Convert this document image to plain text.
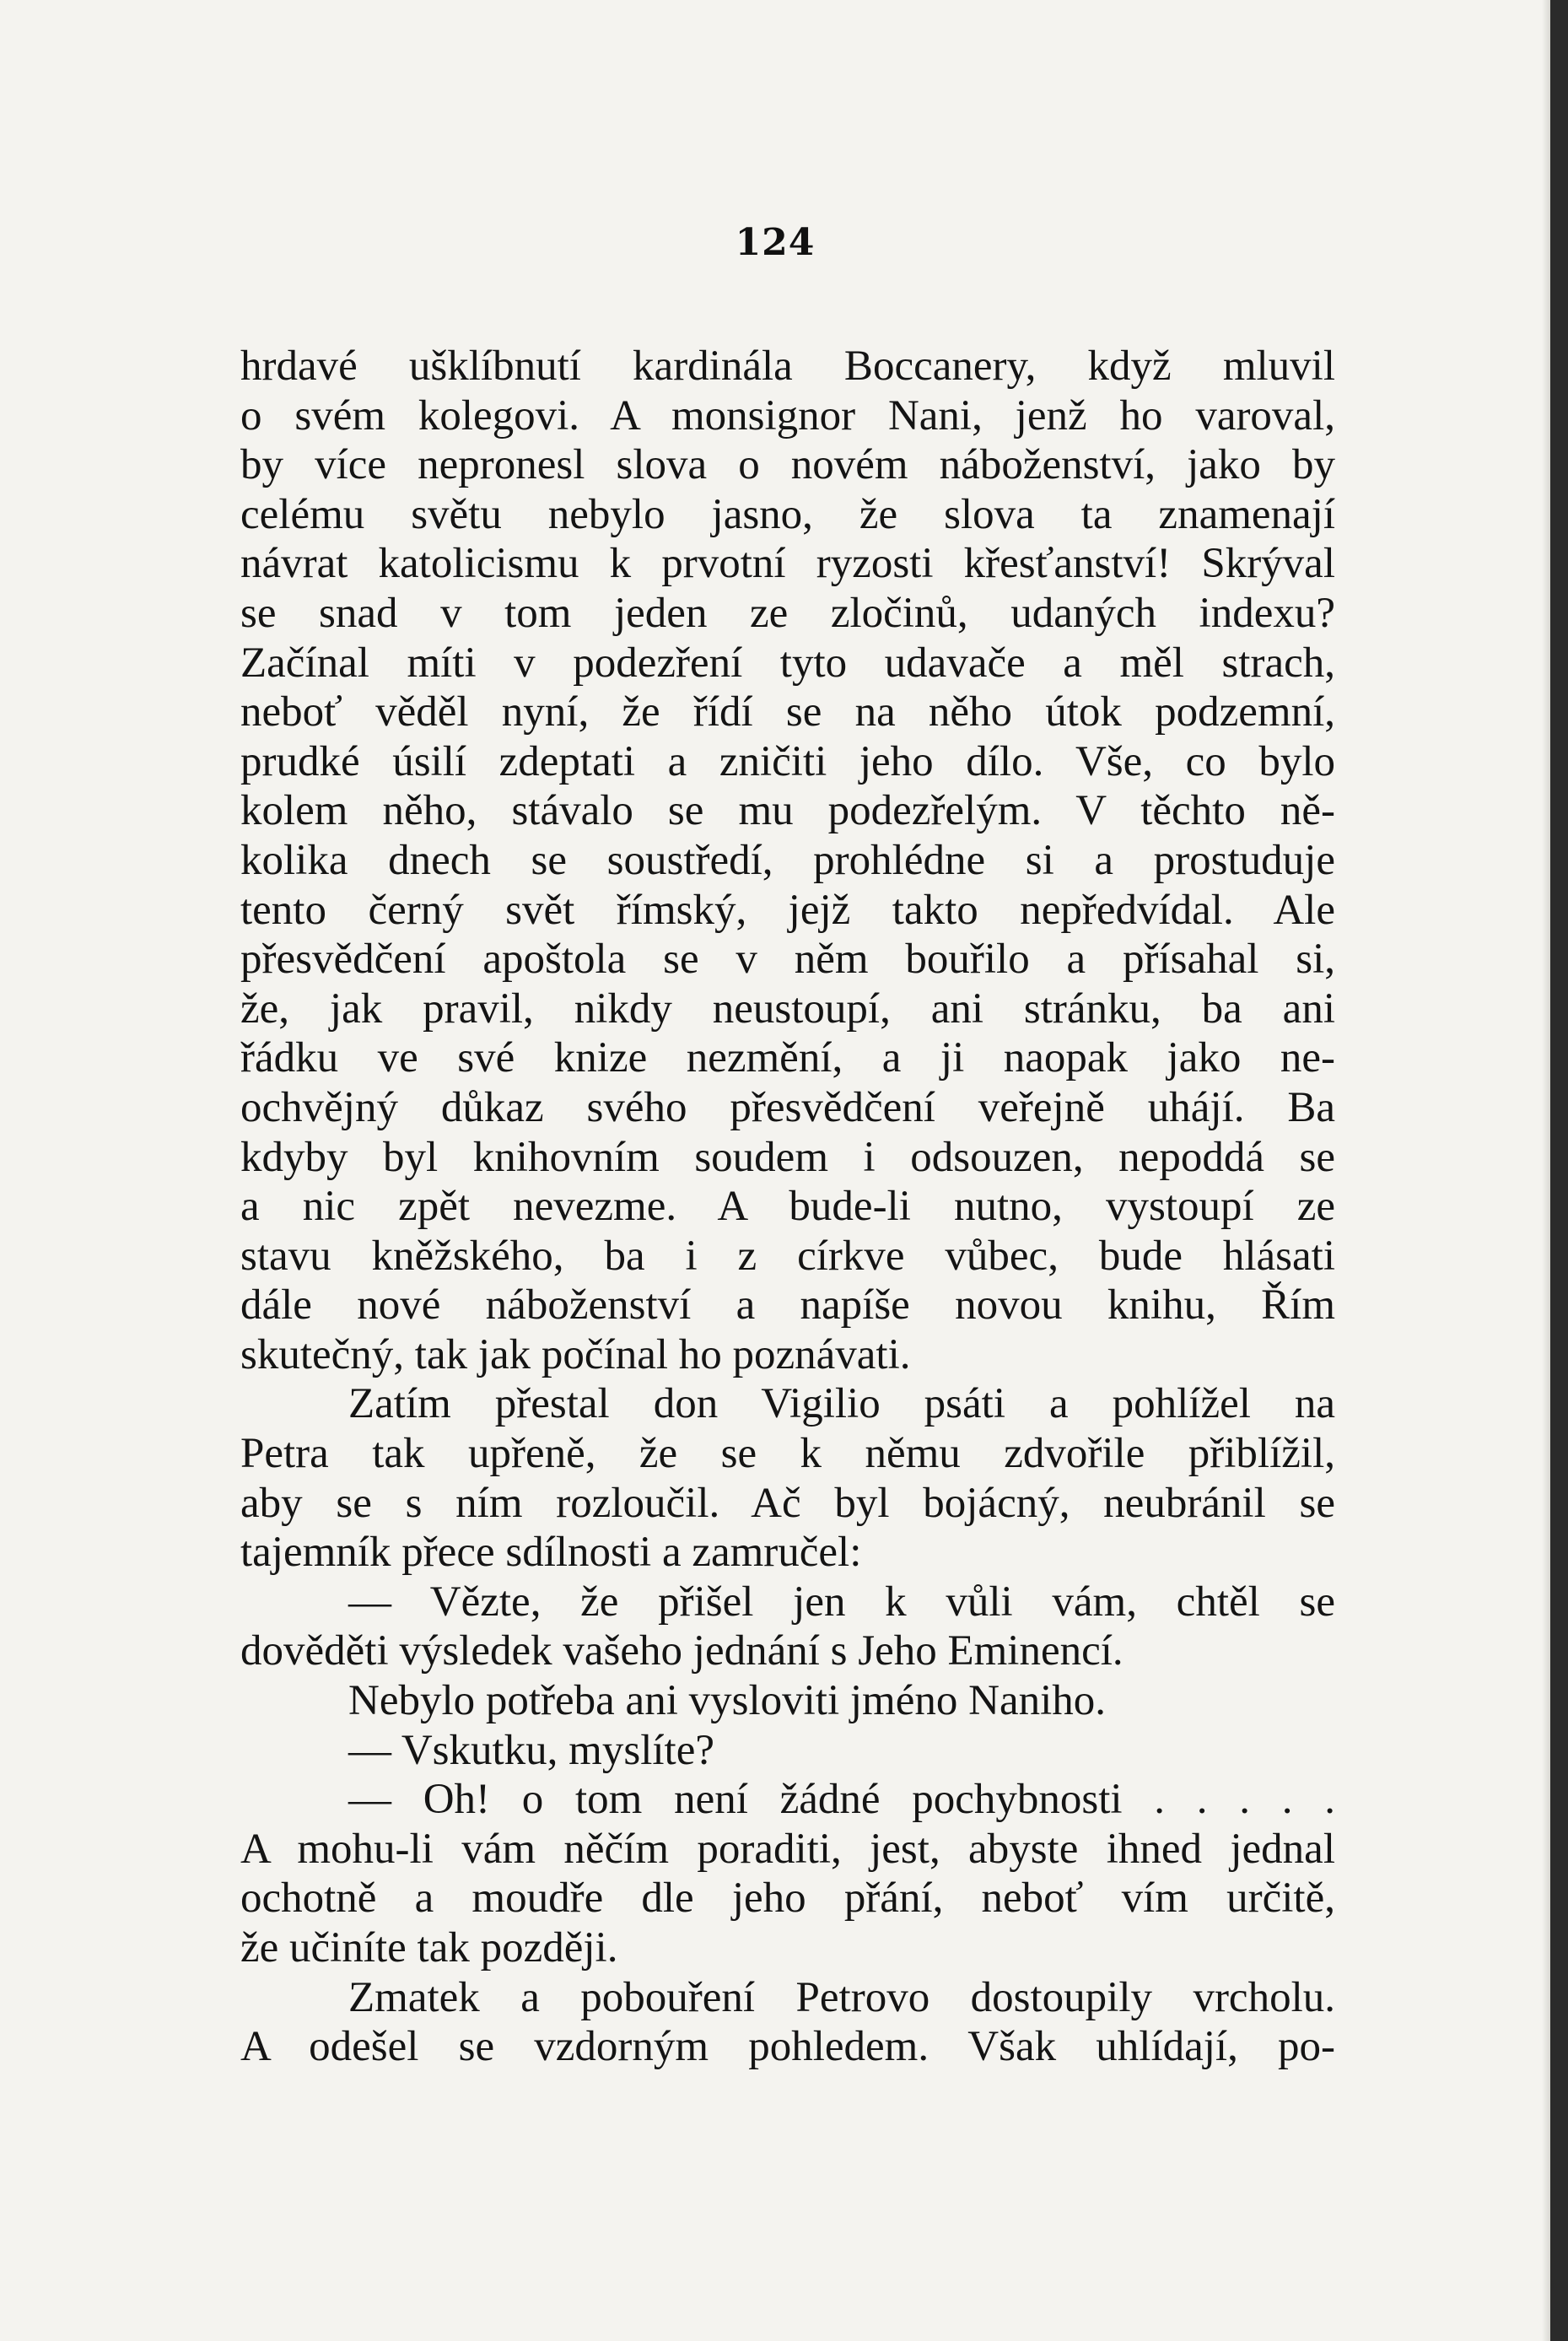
124
hrdavé ušklíbnutí kardinála Boccanery, když mluvil
o svém kolegovi. A monsignor Nani, jenž ho varoval,
by více nepronesl slova o novém náboženství, jako by
celému světu nebylo jasno, že slova ta znamenají
návrat katolicismu k prvotní ryzosti křesťanství! Skrýval
se snad v tom jeden ze zločinů, udaných indexu?
Začínal míti v podezření tyto udavače a měl strach,
neboť věděl nyní, že řídí se na něho útok podzemní,
prudké úsilí zdeptati a zničiti jeho dílo. Vše, co bylo
kolem něho, stávalo se mu podezřelým. V těchto ně-
kolika dnech se soustředí, prohlédne si a prostuduje
tento černý svět římský, jejž takto nepředvídal. Ale
přesvědčení apoštola se v něm bouřilo a přísahal si,
že, jak pravil, nikdy neustoupí, ani stránku, ba ani
řádku ve své knize nezmění, a ji naopak jako ne-
ochvějný důkaz svého přesvědčení veřejně uhájí. Ba
kdyby byl knihovním soudem i odsouzen, nepoddá se
a nic zpět nevezme. A bude-li nutno, vystoupí ze
stavu kněžského, ba i z církve vůbec, bude hlásati
dále nové náboženství a napíše novou knihu, Řím
skutečný, tak jak počínal ho poznávati.
Zatím přestal don Vigilio psáti a pohlížel na
Petra tak upřeně, že se k němu zdvořile přiblížil,
aby se s ním rozloučil. Ač byl bojácný, neubránil se
tajemník přece sdílnosti a zamručel:
— Vězte, že přišel jen k vůli vám, chtěl se
dověděti výsledek vašeho jednání s Jeho Eminencí.
Nebylo potřeba ani vysloviti jméno Naniho.
— Vskutku, myslíte?
— Oh! o tom není žádné pochybnosti . . . . .
A mohu-li vám něčím poraditi, jest, abyste ihned jednal
ochotně a moudře dle jeho přání, neboť vím určitě,
že učiníte tak později.
Zmatek a pobouření Petrovo dostoupily vrcholu.
A odešel se vzdorným pohledem. Však uhlídají, po-
